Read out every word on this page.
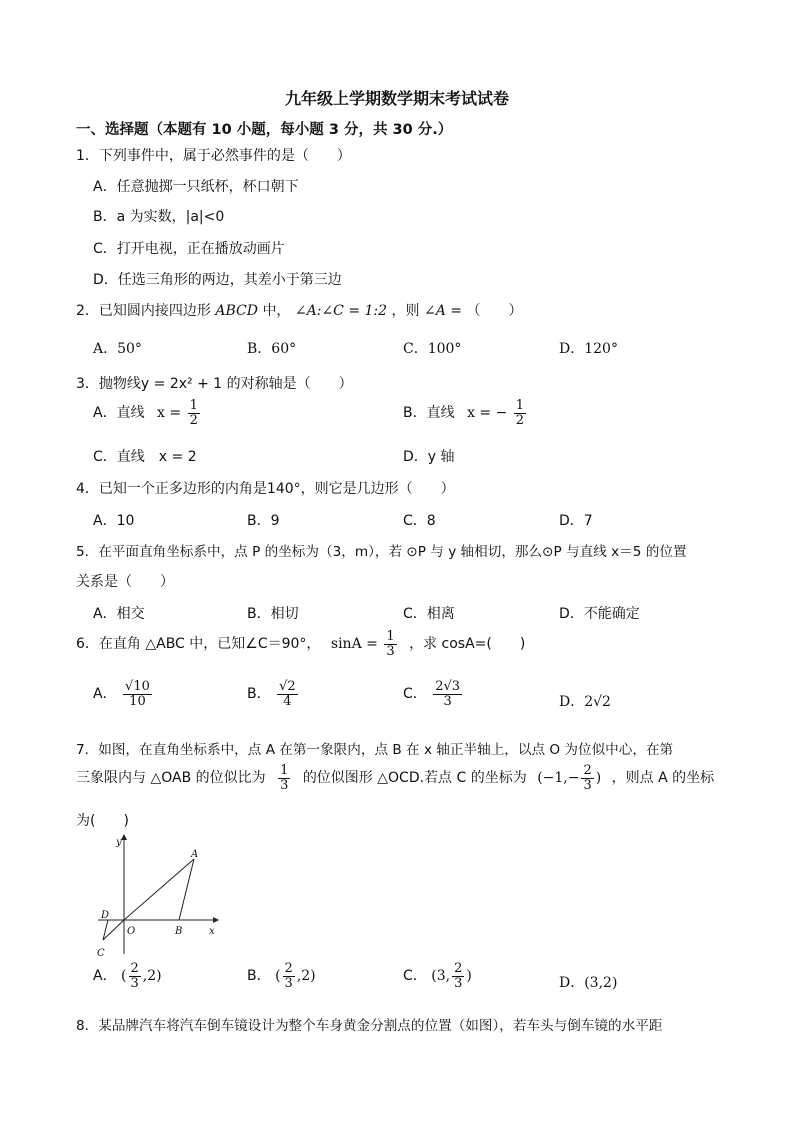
九年级上学期数学期末考试试卷
一、选择题（本题有 10 小题，每小题 3 分，共 30 分.）
1．下列事件中，属于必然事件的是（　　）
A．任意抛掷一只纸杯，杯口朝下
B．a 为实数，|a|<0
C．打开电视，正在播放动画片
D．任选三角形的两边，其差小于第三边
2．已知圆内接四边形 ABCD 中， ∠A:∠C = 1:2 ，则 ∠A = （　　）
A．50°	B．60°	C．100°	D．120°
3．抛物线y = 2x² + 1 的对称轴是（　　）
A．直线 $x = \frac{1}{2}$	B．直线 x = − $\frac{1}{2}$
C．直线　x = 2	D．y 轴
4．已知一个正多边形的内角是140°，则它是几边形（　　）
A．10	B．9	C．8	D．7
5．在平面直角坐标系中，点 P 的坐标为（3，m），若 ⊙P 与 y 轴相切，那么⊙P 与直线 x＝5 的位置
关系是（　　）
A．相交	B．相切	C．相离	D．不能确定
6．在直角 △ABC 中，已知∠C＝90°， $\sin A = \frac{1}{3}$ ，求 cosA=(　　)
A． $\frac{√10}{10}$	B． $\frac{√2}{4}$	C． $\frac{2√3}{3}$	D．2√2
7．如图，在直角坐标系中，点 A 在第一象限内，点 B 在 x 轴正半轴上，以点 O 为位似中心，在第
三象限内与 △OAB 的位似比为 $\frac{1}{3}$ 的位似图形 △OCD.若点 C 的坐标为 ($-1,- \frac{2}{3}$ ) ，则点 A 的坐标
为(　　)
y
x
A
B
O
C
D
A． ( $\frac{2}{3} ,2$)	B． ( $\frac{2}{3} ,2$)	C． (3, $\frac{2}{3}$ )	D．(3,2)
8．某品牌汽车将汽车倒车镜设计为整个车身黄金分割点的位置（如图），若车头与倒车镜的水平距
